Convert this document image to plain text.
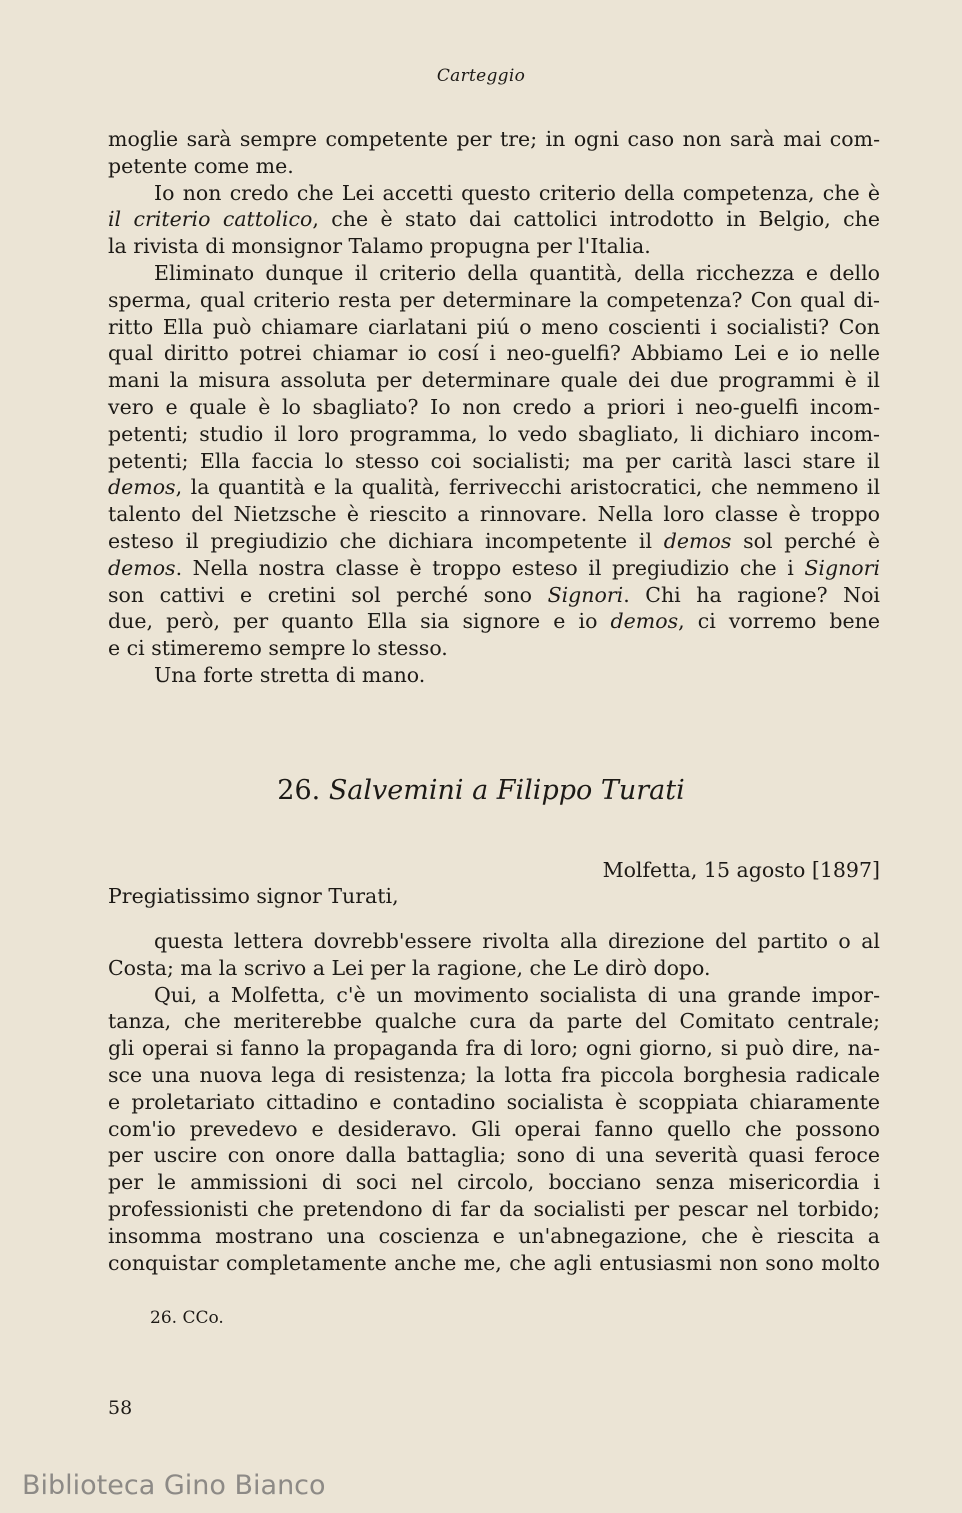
Carteggio
moglie sarà sempre competente per tre; in ogni caso non sarà mai com-
petente come me.
Io non credo che Lei accetti questo criterio della competenza, che è
il criterio cattolico, che è stato dai cattolici introdotto in Belgio, che
la rivista di monsignor Talamo propugna per l'Italia.
Eliminato dunque il criterio della quantità, della ricchezza e dello
sperma, qual criterio resta per determinare la competenza? Con qual di-
ritto Ella può chiamare ciarlatani piú o meno coscienti i socialisti? Con
qual diritto potrei chiamar io cosí i neo-guelfi? Abbiamo Lei e io nelle
mani la misura assoluta per determinare quale dei due programmi è il
vero e quale è lo sbagliato? Io non credo a priori i neo-guelfi incom-
petenti; studio il loro programma, lo vedo sbagliato, li dichiaro incom-
petenti; Ella faccia lo stesso coi socialisti; ma per carità lasci stare il
demos, la quantità e la qualità, ferrivecchi aristocratici, che nemmeno il
talento del Nietzsche è riescito a rinnovare. Nella loro classe è troppo
esteso il pregiudizio che dichiara incompetente il demos sol perché è
demos. Nella nostra classe è troppo esteso il pregiudizio che i Signori
son cattivi e cretini sol perché sono Signori. Chi ha ragione? Noi
due, però, per quanto Ella sia signore e io demos, ci vorremo bene
e ci stimeremo sempre lo stesso.
Una forte stretta di mano.
26. Salvemini a Filippo Turati
Molfetta, 15 agosto [1897]
Pregiatissimo signor Turati,
questa lettera dovrebb'essere rivolta alla direzione del partito o al
Costa; ma la scrivo a Lei per la ragione, che Le dirò dopo.
Qui, a Molfetta, c'è un movimento socialista di una grande impor-
tanza, che meriterebbe qualche cura da parte del Comitato centrale;
gli operai si fanno la propaganda fra di loro; ogni giorno, si può dire, na-
sce una nuova lega di resistenza; la lotta fra piccola borghesia radicale
e proletariato cittadino e contadino socialista è scoppiata chiaramente
com'io prevedevo e desideravo. Gli operai fanno quello che possono
per uscire con onore dalla battaglia; sono di una severità quasi feroce
per le ammissioni di soci nel circolo, bocciano senza misericordia i
professionisti che pretendono di far da socialisti per pescar nel torbido;
insomma mostrano una coscienza e un'abnegazione, che è riescita a
conquistar completamente anche me, che agli entusiasmi non sono molto
26. CCo.
58
Biblioteca Gino Bianco
